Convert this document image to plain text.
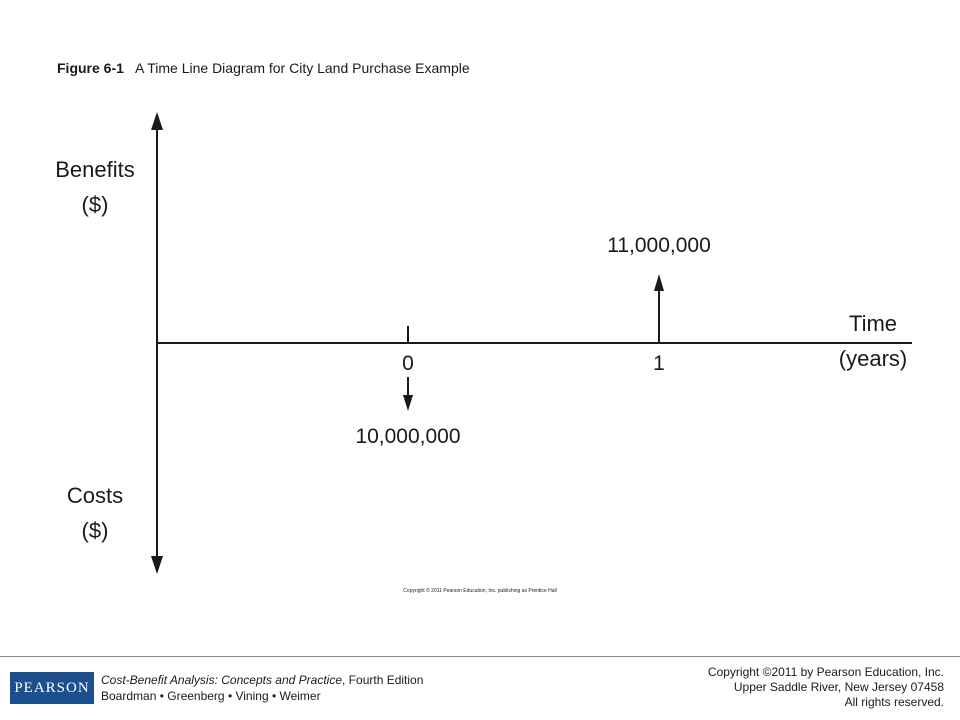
Figure 6-1 A Time Line Diagram for City Land Purchase Example
Benefits
($)
Costs
($)
Time
(years)
0
10,000,000
1
11,000,000
Copyright © 2011 Pearson Education, Inc. publishing as Prentice Hall
PEARSON Cost-Benefit Analysis: Concepts and Practice, Fourth Edition
Boardman • Greenberg • Vining • Weimer
Copyright ©2011 by Pearson Education, Inc.
Upper Saddle River, New Jersey 07458
All rights reserved.
